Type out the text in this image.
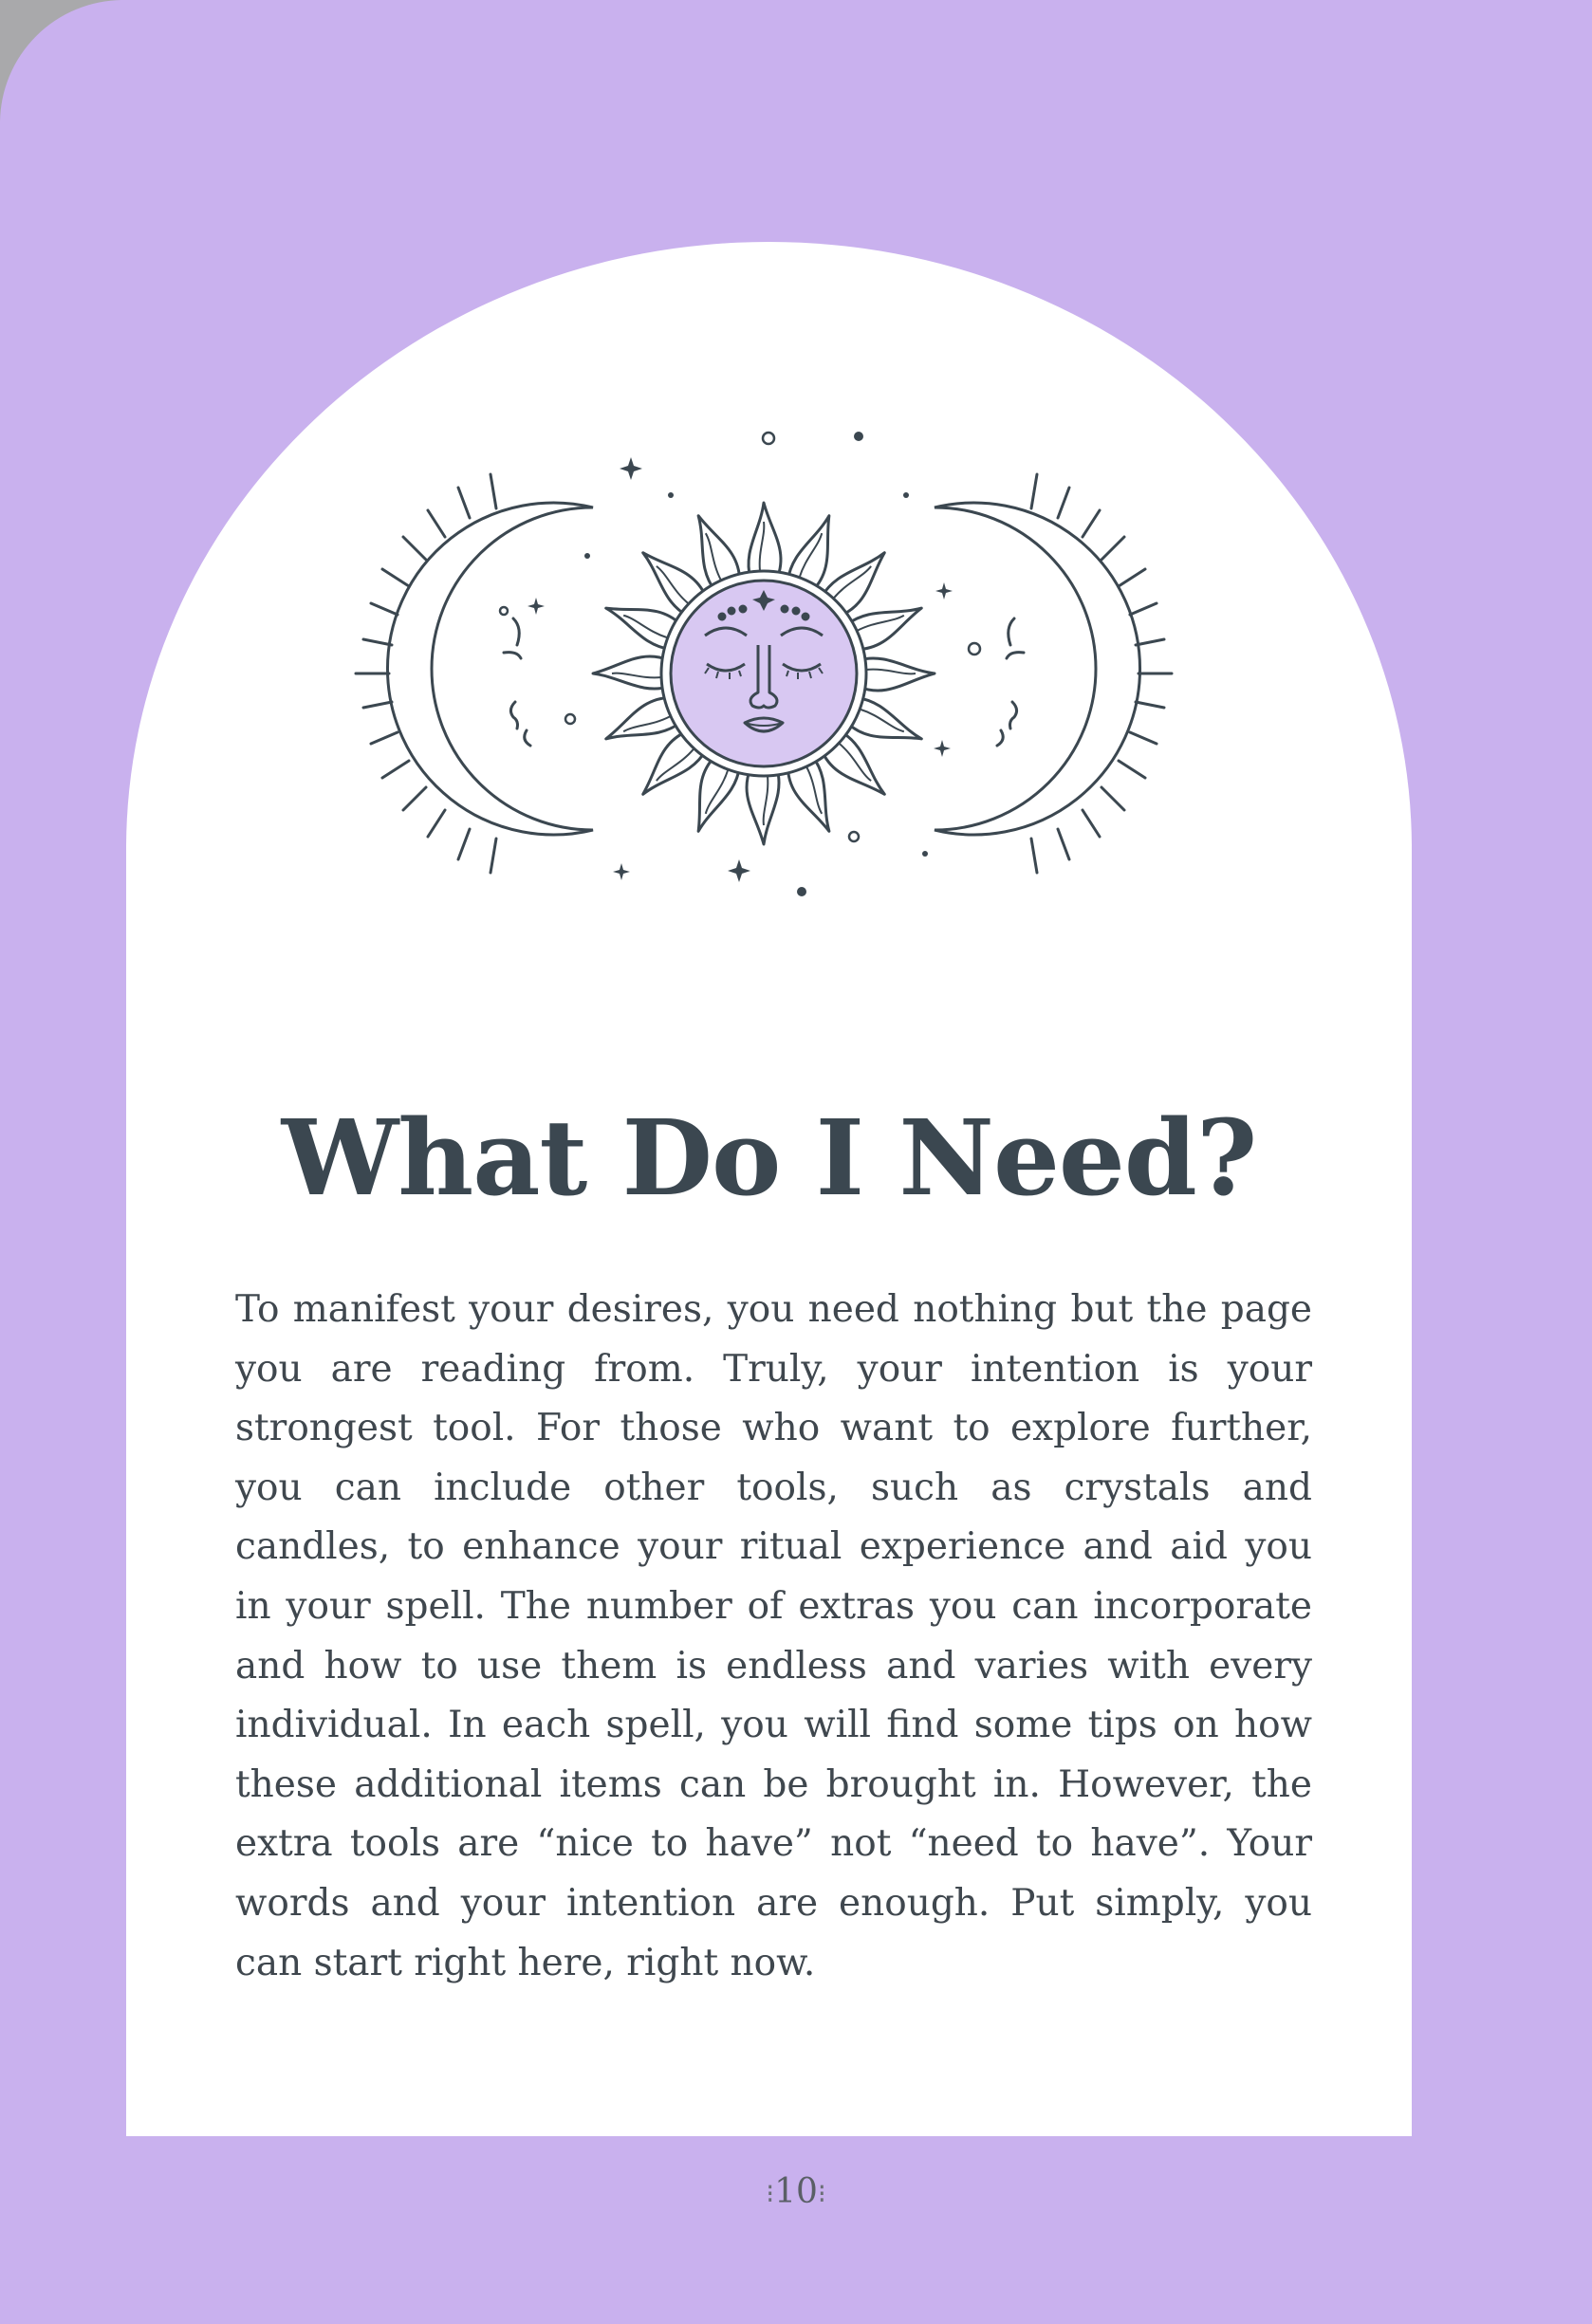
What Do I Need?

To manifest your desires, you need nothing but the page you are reading from. Truly, your intention is your strongest tool. For those who want to explore further, you can include other tools, such as crystals and candles, to enhance your ritual experience and aid you in your spell. The number of extras you can incorporate and how to use them is endless and varies with every individual. In each spell, you will find some tips on how these additional items can be brought in. However, the extra tools are “nice to have” not “need to have”. Your words and your intention are enough. Put simply, you can start right here, right now.

⁝10⁝
